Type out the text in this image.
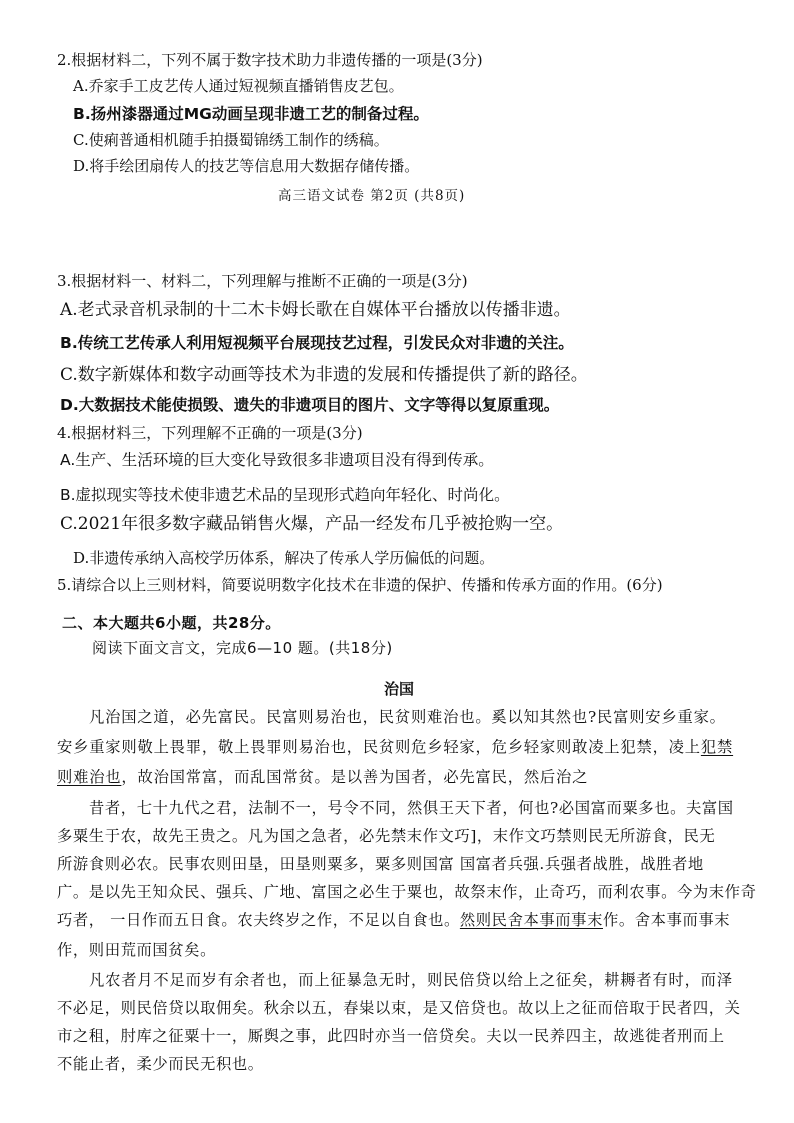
2.根据材料二，下列不属于数字技术助力非遗传播的一项是(3分)
A.乔家手工皮艺传人通过短视频直播销售皮艺包。
B.扬州漆器通过MG动画呈现非遗工艺的制备过程。
C.使痢普通相机随手拍摄蜀锦绣工制作的绣稿。
D.将手绘团扇传人的技艺等信息用大数据存储传播。
高三语文试卷 第2页 (共8页)
3.根据材料一、材料二，下列理解与推断不正确的一项是(3分)
A.老式录音机录制的十二木卡姆长歌在自媒体平台播放以传播非遗。
B.传统工艺传承人利用短视频平台展现技艺过程，引发民众对非遗的关注。
C.数字新媒体和数字动画等技术为非遗的发展和传播提供了新的路径。
D.大数据技术能使损毁、遗失的非遗项目的图片、文字等得以复原重现。
4.根据材料三，下列理解不正确的一项是(3分)
A.生产、生活环境的巨大变化导致很多非遗项目没有得到传承。
B.虚拟现实等技术使非遗艺术品的呈现形式趋向年轻化、时尚化。
C.2021年很多数字藏品销售火爆，产品一经发布几乎被抢购一空。
D.非遗传承纳入高校学历体系，解决了传承人学历偏低的问题。
5.请综合以上三则材料，简要说明数字化技术在非遗的保护、传播和传承方面的作用。(6分)
二、本大题共6小题，共28分。
阅读下面文言文，完成6—10 题。(共18分)
治国
凡治国之道，必先富民。民富则易治也，民贫则难治也。奚以知其然也?民富则安乡重家。
安乡重家则敬上畏罪，敬上畏罪则易治也，民贫则危乡轻家，危乡轻家则敢凌上犯禁，凌上犯禁
则难治也，故治国常富，而乱国常贫。是以善为国者，必先富民，然后治之
昔者，七十九代之君，法制不一，号令不同，然俱王天下者，何也?必国富而粟多也。夫富国
多粟生于农，故先王贵之。凡为国之急者，必先禁末作文巧]，末作文巧禁则民无所游食，民无
所游食则必农。民事农则田垦，田垦则粟多，粟多则国富 国富者兵强.兵强者战胜，战胜者地
广。是以先王知众民、强兵、广地、富国之必生于粟也，故祭末作，止奇巧，而利农事。今为末作奇
巧者， 一日作而五日食。农夫终岁之作，不足以自食也。然则民舍本事而事末作。舍本事而事末
作，则田荒而国贫矣。
凡农者月不足而岁有余者也，而上征暴急无时，则民倍贷以给上之征矣，耕耨者有时，而泽
不必足，则民倍贷以取佣矣。秋余以五，春粜以束，是又倍贷也。故以上之征而倍取于民者四，关
市之租，肘库之征粟十一，厮舆之事，此四时亦当一倍贷矣。夫以一民养四主，故逃徙者刑而上
不能止者，柔少而民无积也。
